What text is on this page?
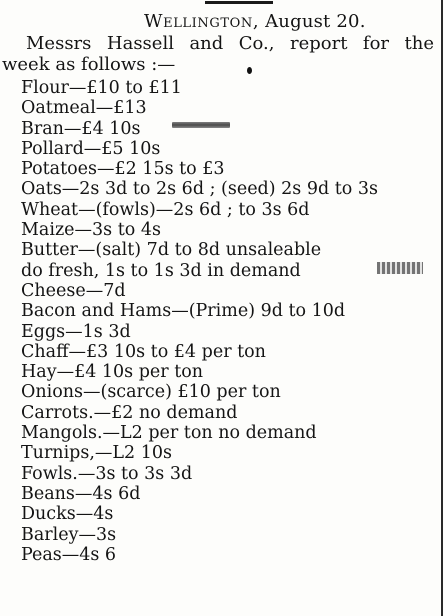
Wellington, August 20.
Messrs Hassell and Co., report for the
week as follows :—
Flour—£10 to £11
Oatmeal—£13
Bran—£4 10s
Pollard—£5 10s
Potatoes—£2 15s to £3
Oats—2s 3d to 2s 6d ; (seed) 2s 9d to 3s
Wheat—(fowls)—2s 6d ; to 3s 6d
Maize—3s to 4s
Butter—(salt) 7d to 8d unsaleable
do fresh, 1s to 1s 3d in demand
Cheese—7d
Bacon and Hams—(Prime) 9d to 10d
Eggs—1s 3d
Chaff—£3 10s to £4 per ton
Hay—£4 10s per ton
Onions—(scarce) £10 per ton
Carrots.—£2 no demand
Mangols.—L2 per ton no demand
Turnips,—L2 10s
Fowls.—3s to 3s 3d
Beans—4s 6d
Ducks—4s
Barley—3s
Peas—4s 6
